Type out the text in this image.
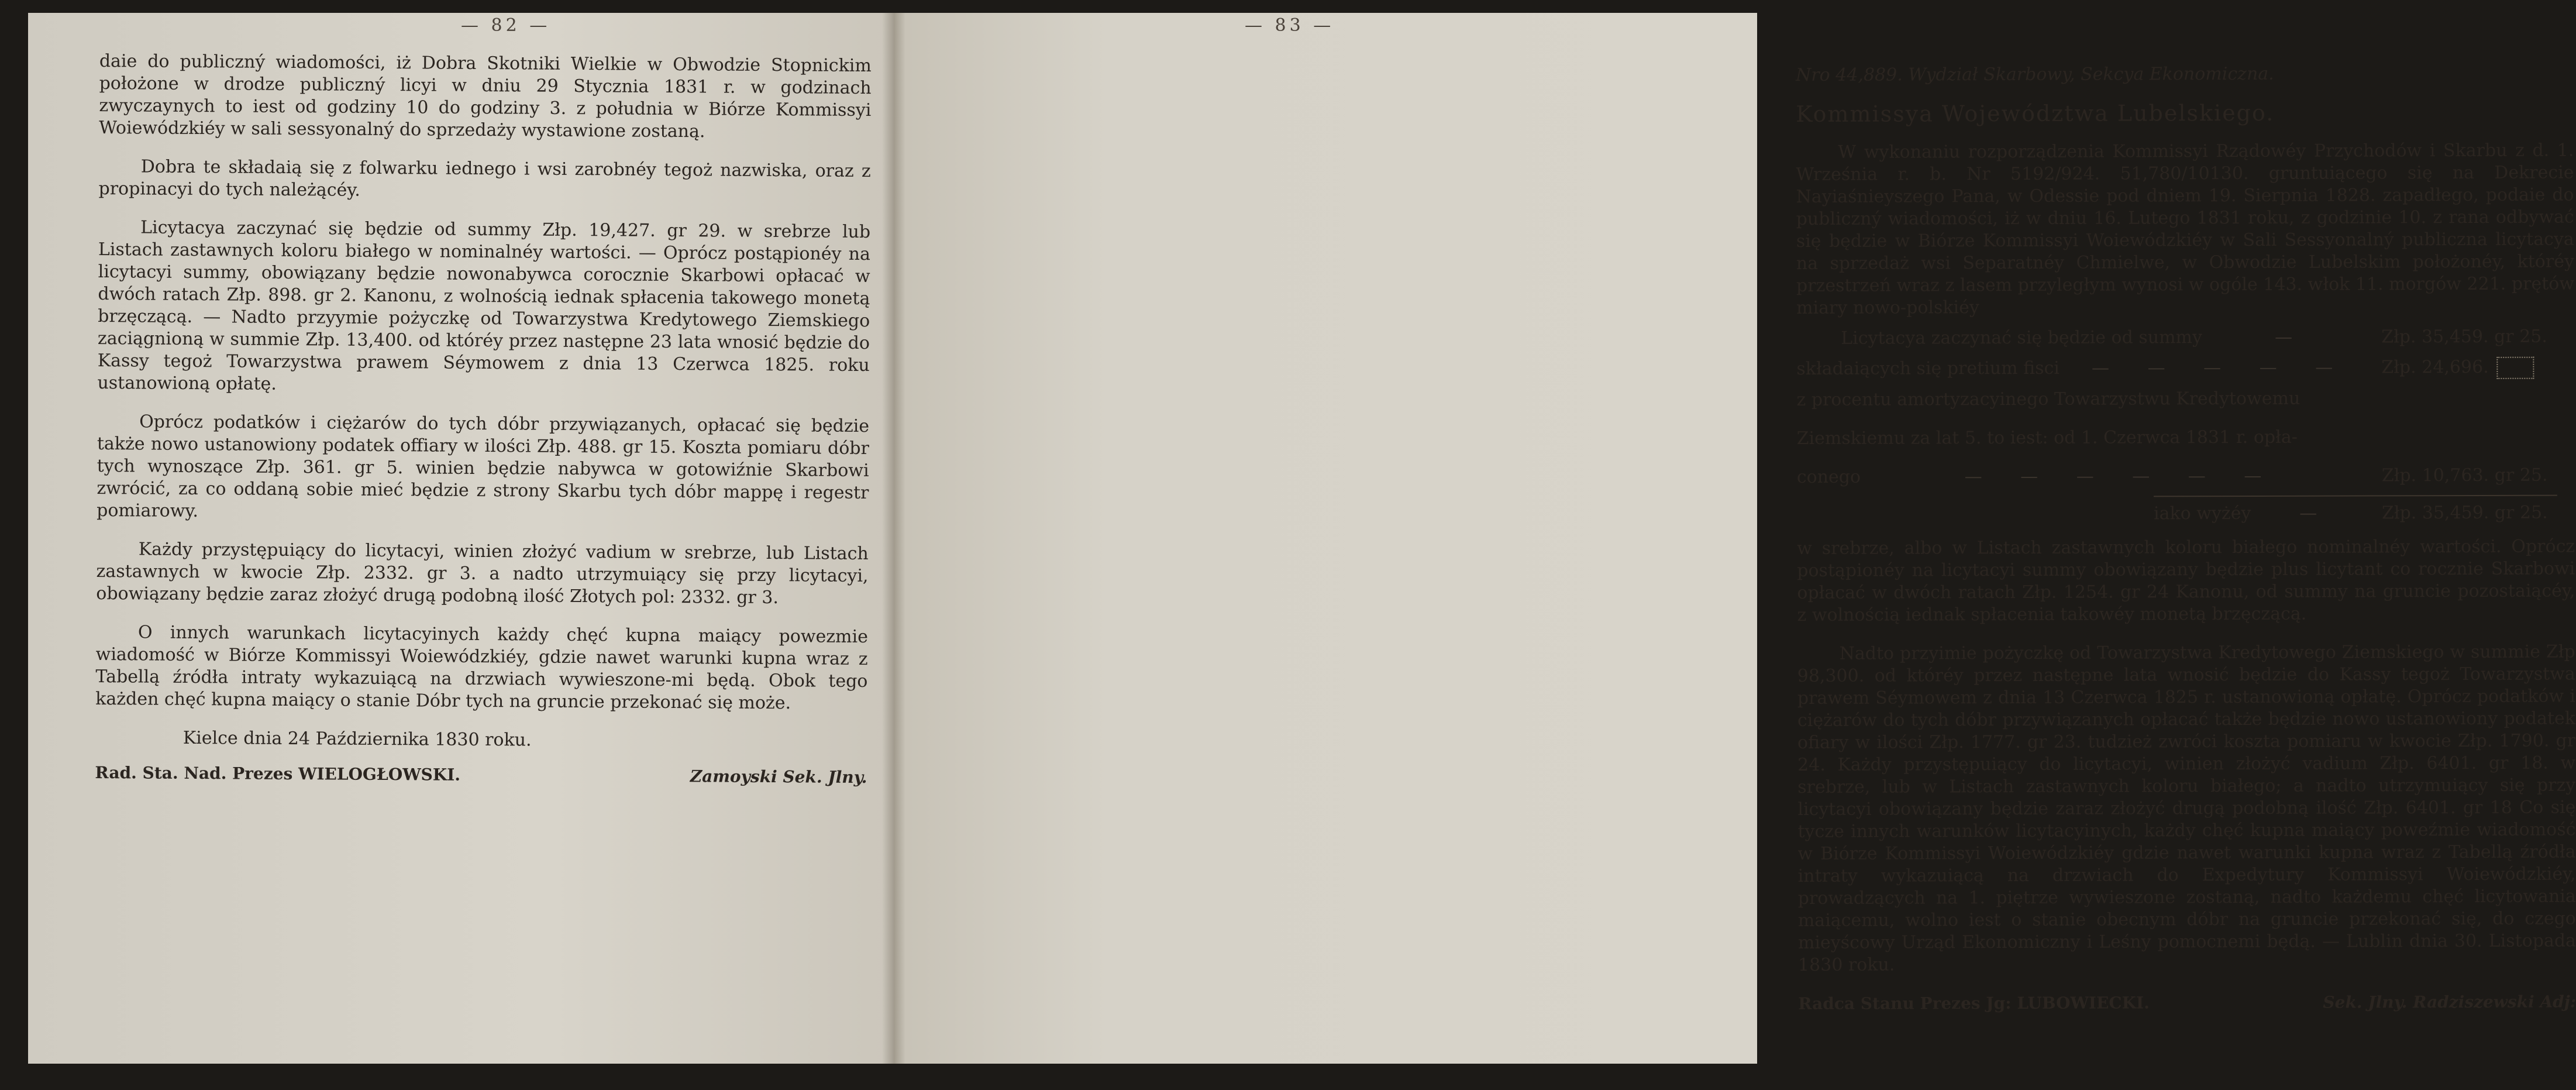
— 82 —

daie do publiczný wiadomości, iż Dobra Skotniki Wielkie w Obwodzie Stopnickim położone w drodze publiczný licyi w dniu 29 Stycznia 1831 r. w godzinach zwyczaynych to iest od godziny 10 do godziny 3. z południa w Biórze Kommissyi Woiewódzkiéy w sali sessyonalný do sprzedaży wystawione zostaną.

Dobra te składaią się z folwarku iednego i wsi zarobnéy tegoż nazwiska, oraz z propinacyi do tych należącéy.

Licytacya zaczynać się będzie od summy Złp. 19,427. gr 29. w srebrze lub Listach zastawnych koloru białego w nominalnéy wartości. — Oprócz postąpionéy na licytacyi summy, obowiązany będzie nowonabywca corocznie Skarbowi opłacać w dwóch ratach Złp. 898. gr 2. Kanonu, z wolnością iednak spłacenia takowego monetą brzęczącą. — Nadto przyymie pożyczkę od Towarzystwa Kredytowego Ziemskiego zaciągnioną w summie Złp. 13,400. od któréy przez następne 23 lata wnosić będzie do Kassy tegoż Towarzystwa prawem Séymowem z dnia 13 Czerwca 1825. roku ustanowioną opłatę.

Oprócz podatków i ciężarów do tych dóbr przywiązanych, opłacać się będzie także nowo ustanowiony podatek offiary w ilości Złp. 488. gr 15. Koszta pomiaru dóbr tych wynoszące Złp. 361. gr 5. winien będzie nabywca w gotowiźnie Skarbowi zwrócić, za co oddaną sobie mieć będzie z strony Skarbu tych dóbr mappę i regestr pomiarowy.

Każdy przystępuiący do licytacyi, winien złożyć vadium w srebrze, lub Listach zastawnych w kwocie Złp. 2332. gr 3. a nadto utrzymuiący się przy licytacyi, obowiązany będzie zaraz złożyć drugą podobną ilość Złotych pol: 2332. gr 3.

O innych warunkach licytacyinych każdy chęć kupna maiący powezmie wiadomość w Biórze Kommissyi Woiewódzkiéy, gdzie nawet warunki kupna wraz z Tabellą źródła intraty wykazuiącą na drzwiach wywieszone-mi będą. Obok tego każden chęć kupna maiący o stanie Dóbr tych na gruncie przekonać się może.

Kielce dnia 24 Października 1830 roku.

Rad. Sta. Nad. Prezes WIELOGŁOWSKI.	Zamoyski Sek. Jlny.
— 83 —

Nro 44,889. Wydział Skarbowy, Sekcya Ekonomiczna.

Kommissya Województwa Lubelskiego.

W wykonaniu rozporządzenia Kommissyi Rządowéy Przychodów i Skarbu z d. 1. Września r. b. Nr 5192/924. 51,780/10130. gruntuiącego się na Dekrecie Nayiaśnieyszego Pana, w Odessie pod dniem 19. Sierpnia 1828. zapadłego, podaie do publiczný wiadomości, iż w dniu 16. Lutego 1831 roku, z godzinie 10. z rana odbywać się będzie w Biórze Kommissyi Woiewódzkiéy w Sali Sessyonalný publiczna licytacya na sprzedaż wsi Separatnéy Chmielwe, w Obwodzie Lubelskim położonéy, któréy przestrzeń wraz z lasem przyległym wynosi w ogóle 143. włok 11. morgów 221. prętów miary nowo-polskiéy

Licytacya zaczynać się będzie od summy	—	Złp. 35,459. gr 25.
składaiących się pretium fisci	— — — — —	Złp. 24,696.

z procentu amortyzacyinego Towarzystwu Kredytowemu

Ziemskiemu za lat 5. to iest: od 1. Czerwca 1831 r. opła-

conego	— — — — — —	Złp. 10,763. gr 25.
iako wyżéy	—	Złp. 35,459. gr 25.

w srebrze, albo w Listach zastawnych koloru białego nominalnéy wartości. Oprócz postąpionéy na licytacyi summy obowiązany będzie plus licytant co rocznie Skarbowi opłacać w dwóch ratach Złp. 1254. gr 24 Kanonu, od summy na gruncie pozostaiącéy, z wolnością iednak spłacenia takowéy monetą brzęczącą.

Nadto przyimie pożyczkę od Towarzystwa Kredytowego Ziemskiego w summie Złp 98,300. od któréy przez następne lata wnosić będzie do Kassy tegoż Towarzystwa prawem Séymowem z dnia 13 Czerwca 1825 r. ustanowioną opłatę. Oprócz podatków i ciężarów do tych dóbr przywiązanych opłacać także będzie nowo ustanowiony podatek ofiary w ilości Złp. 1777. gr 23. tudzież zwróci koszta pomiaru w kwocie Złp. 1790. gr 24. Każdy przystępuiący do licytacyi, winien złożyć vadium Złp. 6401. gr 18. w srebrze, lub w Listach zastawnych koloru białego; a nadto utrzymuiący się przy licytacyi obowiązany będzie zaraz złożyć drugą podobną ilość Złp. 6401. gr 18 Co się tycze innych warunków licytacyinych, każdy chęć kupna maiący poweźmie wiadomość w Biórze Kommissyi Woiewódzkiéy gdzie nawet warunki kupna wraz z Tabellą źródła intraty wykazuiącą na drzwiach do Expedytury Kommissyi Woiewódzkiéy, prowadzących na 1. piętrze wywieszone zostaną, nadto każdemu chęć licytowania maiącemu, wolno iest o stanie obecnym dóbr na gruncie przekonać się, do czego mieyścowy Urząd Ekonomiczny i Leśny pomocnemi będą. — Lublin dnia 30. Listopada 1830 roku.

Radca Stanu Prezes Jg: LUBOWIECKI.	Sek. Jlny. Radziszewski Adj:
